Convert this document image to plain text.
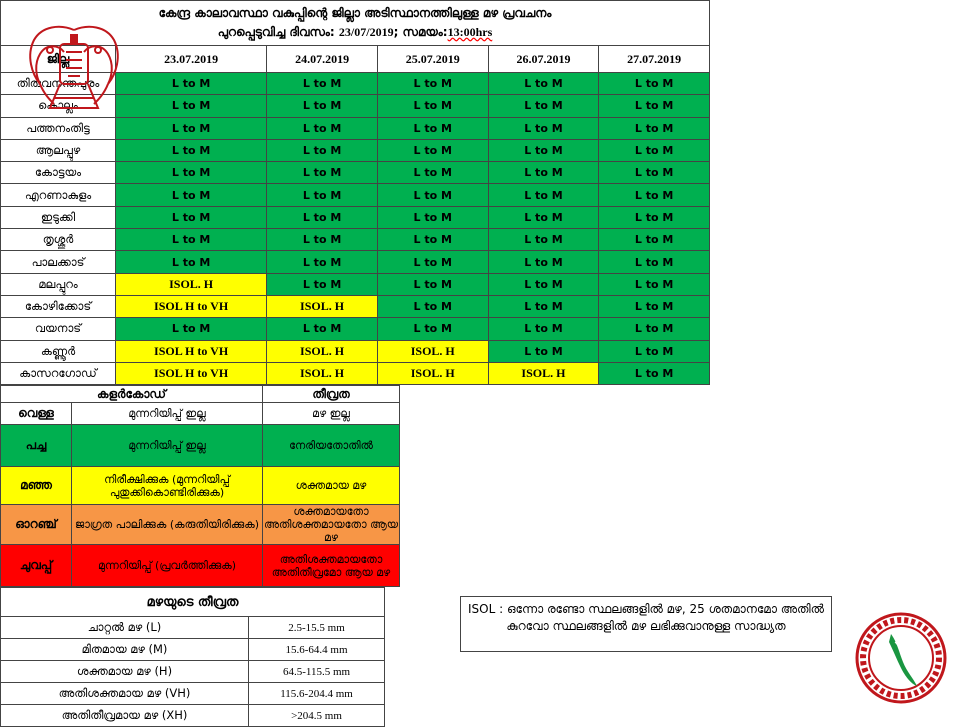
കേന്ദ്ര കാലാവസ്ഥാ വകുപ്പിന്റെ ജില്ലാ അടിസ്ഥാനത്തിലുള്ള മഴ പ്രവചനം
പുറപ്പെടുവിച്ച ദിവസം: 23/07/2019; സമയം:13:00hrs					

ജില്ല	23.07.2019	24.07.2019	25.07.2019	26.07.2019	27.07.2019
തിരുവനന്തപുരം	L to M	L to M	L to M	L to M	L to M
കൊല്ലം	L to M	L to M	L to M	L to M	L to M
പത്തനംതിട്ട	L to M	L to M	L to M	L to M	L to M
ആലപ്പുഴ	L to M	L to M	L to M	L to M	L to M
കോട്ടയം	L to M	L to M	L to M	L to M	L to M
എറണാകുളം	L to M	L to M	L to M	L to M	L to M
ഇടുക്കി	L to M	L to M	L to M	L to M	L to M
തൃശ്ശൂർ	L to M	L to M	L to M	L to M	L to M
പാലക്കാട്	L to M	L to M	L to M	L to M	L to M
മലപ്പുറം	ISOL. H	L to M	L to M	L to M	L to M
കോഴിക്കോട്	ISOL H to VH	ISOL. H	L to M	L to M	L to M
വയനാട്	L to M	L to M	L to M	L to M	L to M
കണ്ണൂർ	ISOL H to VH	ISOL. H	ISOL. H	L to M	L to M
കാസറഗോഡ്	ISOL H to VH	ISOL. H	ISOL. H	ISOL. H	L to M
കളർകോഡ്		തീവ്രത
വെള്ള	മുന്നറിയിപ്പ് ഇല്ല	മഴ ഇല്ല
പച്ച	മുന്നറിയിപ്പ് ഇല്ല	നേരിയതോതിൽ
മഞ്ഞ	നിരീക്ഷിക്കുക (മുന്നറിയിപ്പ് പുതുക്കികൊണ്ടിരിക്കുക)	ശക്തമായ മഴ
ഓറഞ്ച്	ജാഗ്രത പാലിക്കുക (കരുതിയിരിക്കുക)	ശക്തമായതോ അതിശക്തമായതോ ആയ മഴ
ചുവപ്പ്	മുന്നറിയിപ്പ് (പ്രവർത്തിക്കുക)	അതിശക്തമായതോ അതിതീവ്രമോ ആയ മഴ
മഴയുടെ തീവ്രത	
ചാറ്റൽ മഴ (L)	2.5-15.5 mm
മിതമായ മഴ (M)	15.6-64.4 mm
ശക്തമായ മഴ (H)	64.5-115.5 mm
അതിശക്തമായ മഴ (VH)	115.6-204.4 mm
അതിതീവ്രമായ മഴ (XH)	>204.5 mm
ISOL : ഒന്നോ രണ്ടോ സ്ഥലങ്ങളിൽ മഴ, 25 ശതമാനമോ അതിൽ കുറവോ സ്ഥലങ്ങളിൽ മഴ ലഭിക്കുവാനുള്ള സാദ്ധ്യത
